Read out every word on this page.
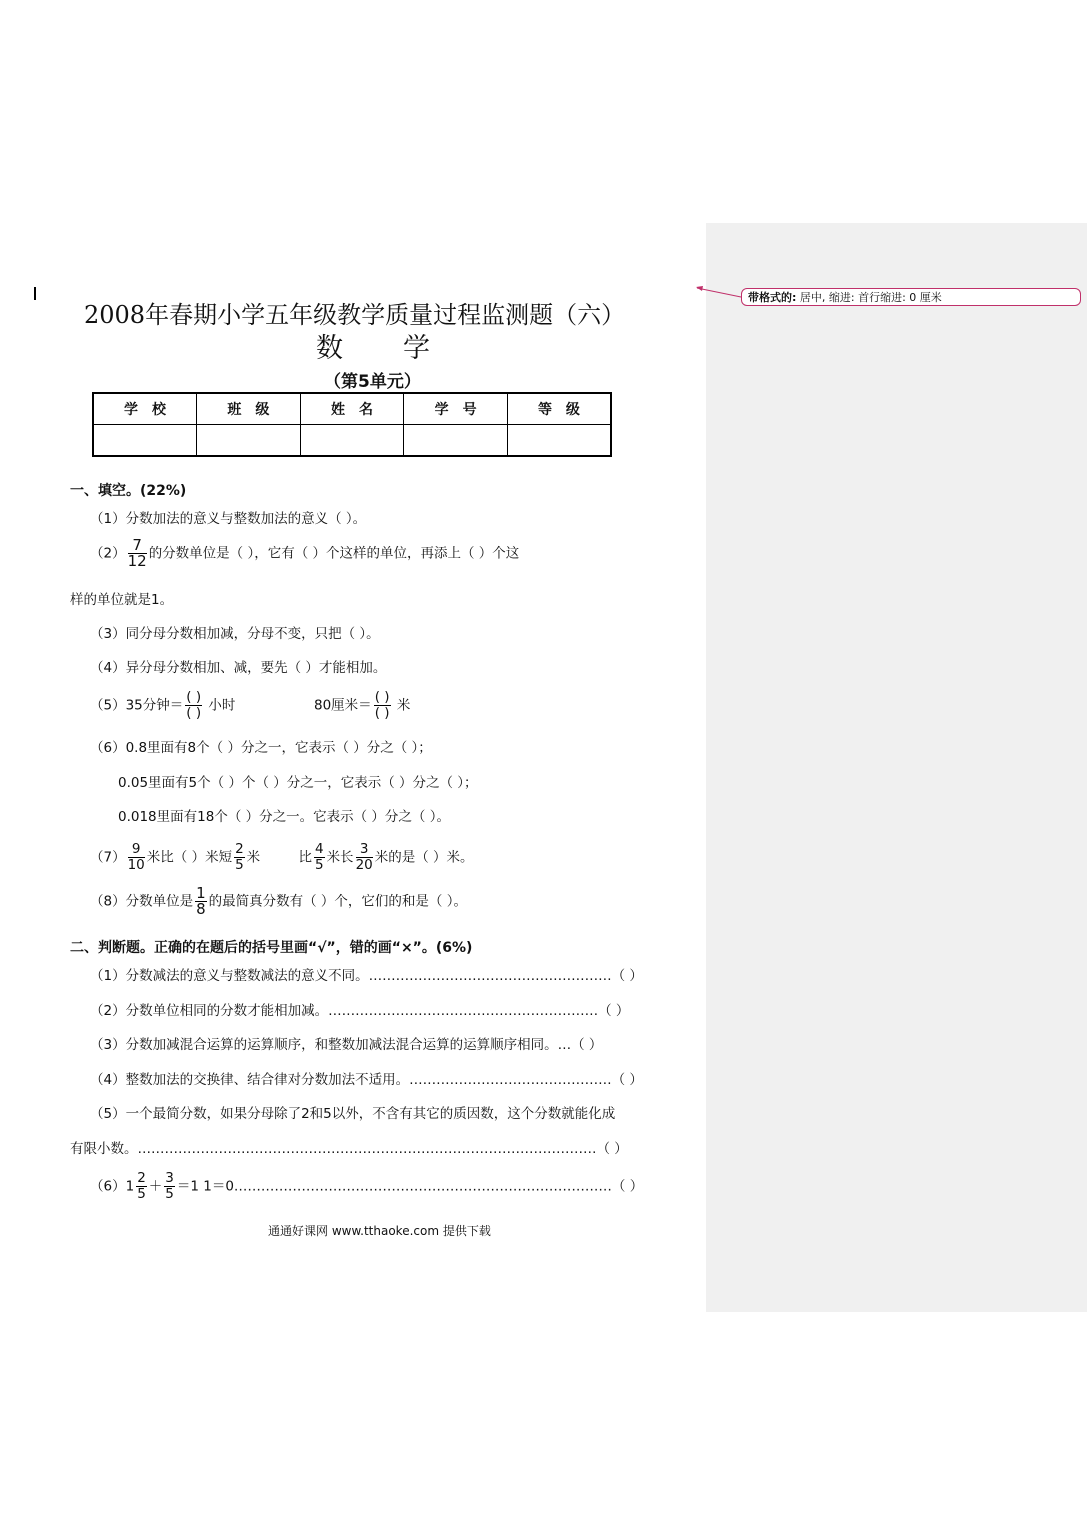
带格式的: 居中, 缩进: 首行缩进: 0 厘米
2008年春期小学五年级教学质量过程监测题（六）
数 学
（第5单元）
学　校	班　级	姓　名	学　号	等　级

一、填空。(22%)
（1）分数加法的意义与整数加法的意义（ ）。
$(2) \frac{7}{12}$ 的分数单位是（ ），它有（ ）个这样的单位，再添上（ ）个这
样的单位就是1。
（3）同分母分数相加减，分母不变，只把（ ）。
（4）异分母分数相加、减，要先（ ）才能相加。
（5）35分钟＝ $\frac{( )}{( )}$ 小时	80厘米＝ $\frac{( )}{( )}$ 米
（6）0.8里面有8个（ ）分之一，它表示（ ）分之（ ）；
0.05里面有5个（ ）个（ ）分之一，它表示（ ）分之（ ）；
0.018里面有18个（ ）分之一。它表示（ ）分之（ ）。
$(7) \frac{9}{10}$ 米比（ ）米短 $\frac{2}{5}$ 米	比 $\frac{4}{5}$ 米长 $\frac{3}{20}$ 米的是（ ）米。
（8）分数单位是 $\frac{1}{8}$ 的最简真分数有（ ）个，它们的和是（ ）。
二、判断题。正确的在题后的括号里画“√”，错的画“×”。(6%)
（1）分数减法的意义与整数减法的意义不同。………………………………………………（ ）
（2）分数单位相同的分数才能相加减。……………………………………………………（ ）
（3）分数加减混合运算的运算顺序，和整数加减法混合运算的运算顺序相同。…（ ）
（4）整数加法的交换律、结合律对分数加法不适用。………………………………………（ ）
（5）一个最简分数，如果分母除了2和5以外，不含有其它的质因数，这个分数就能化成
有限小数。…………………………………………………………………………………………（ ）
$(6)1 \frac{2}{5} + \frac{3}{5} =1$ 1＝0…………………………………………………………………………（ ）
通通好课网 www.tthaoke.com 提供下载
